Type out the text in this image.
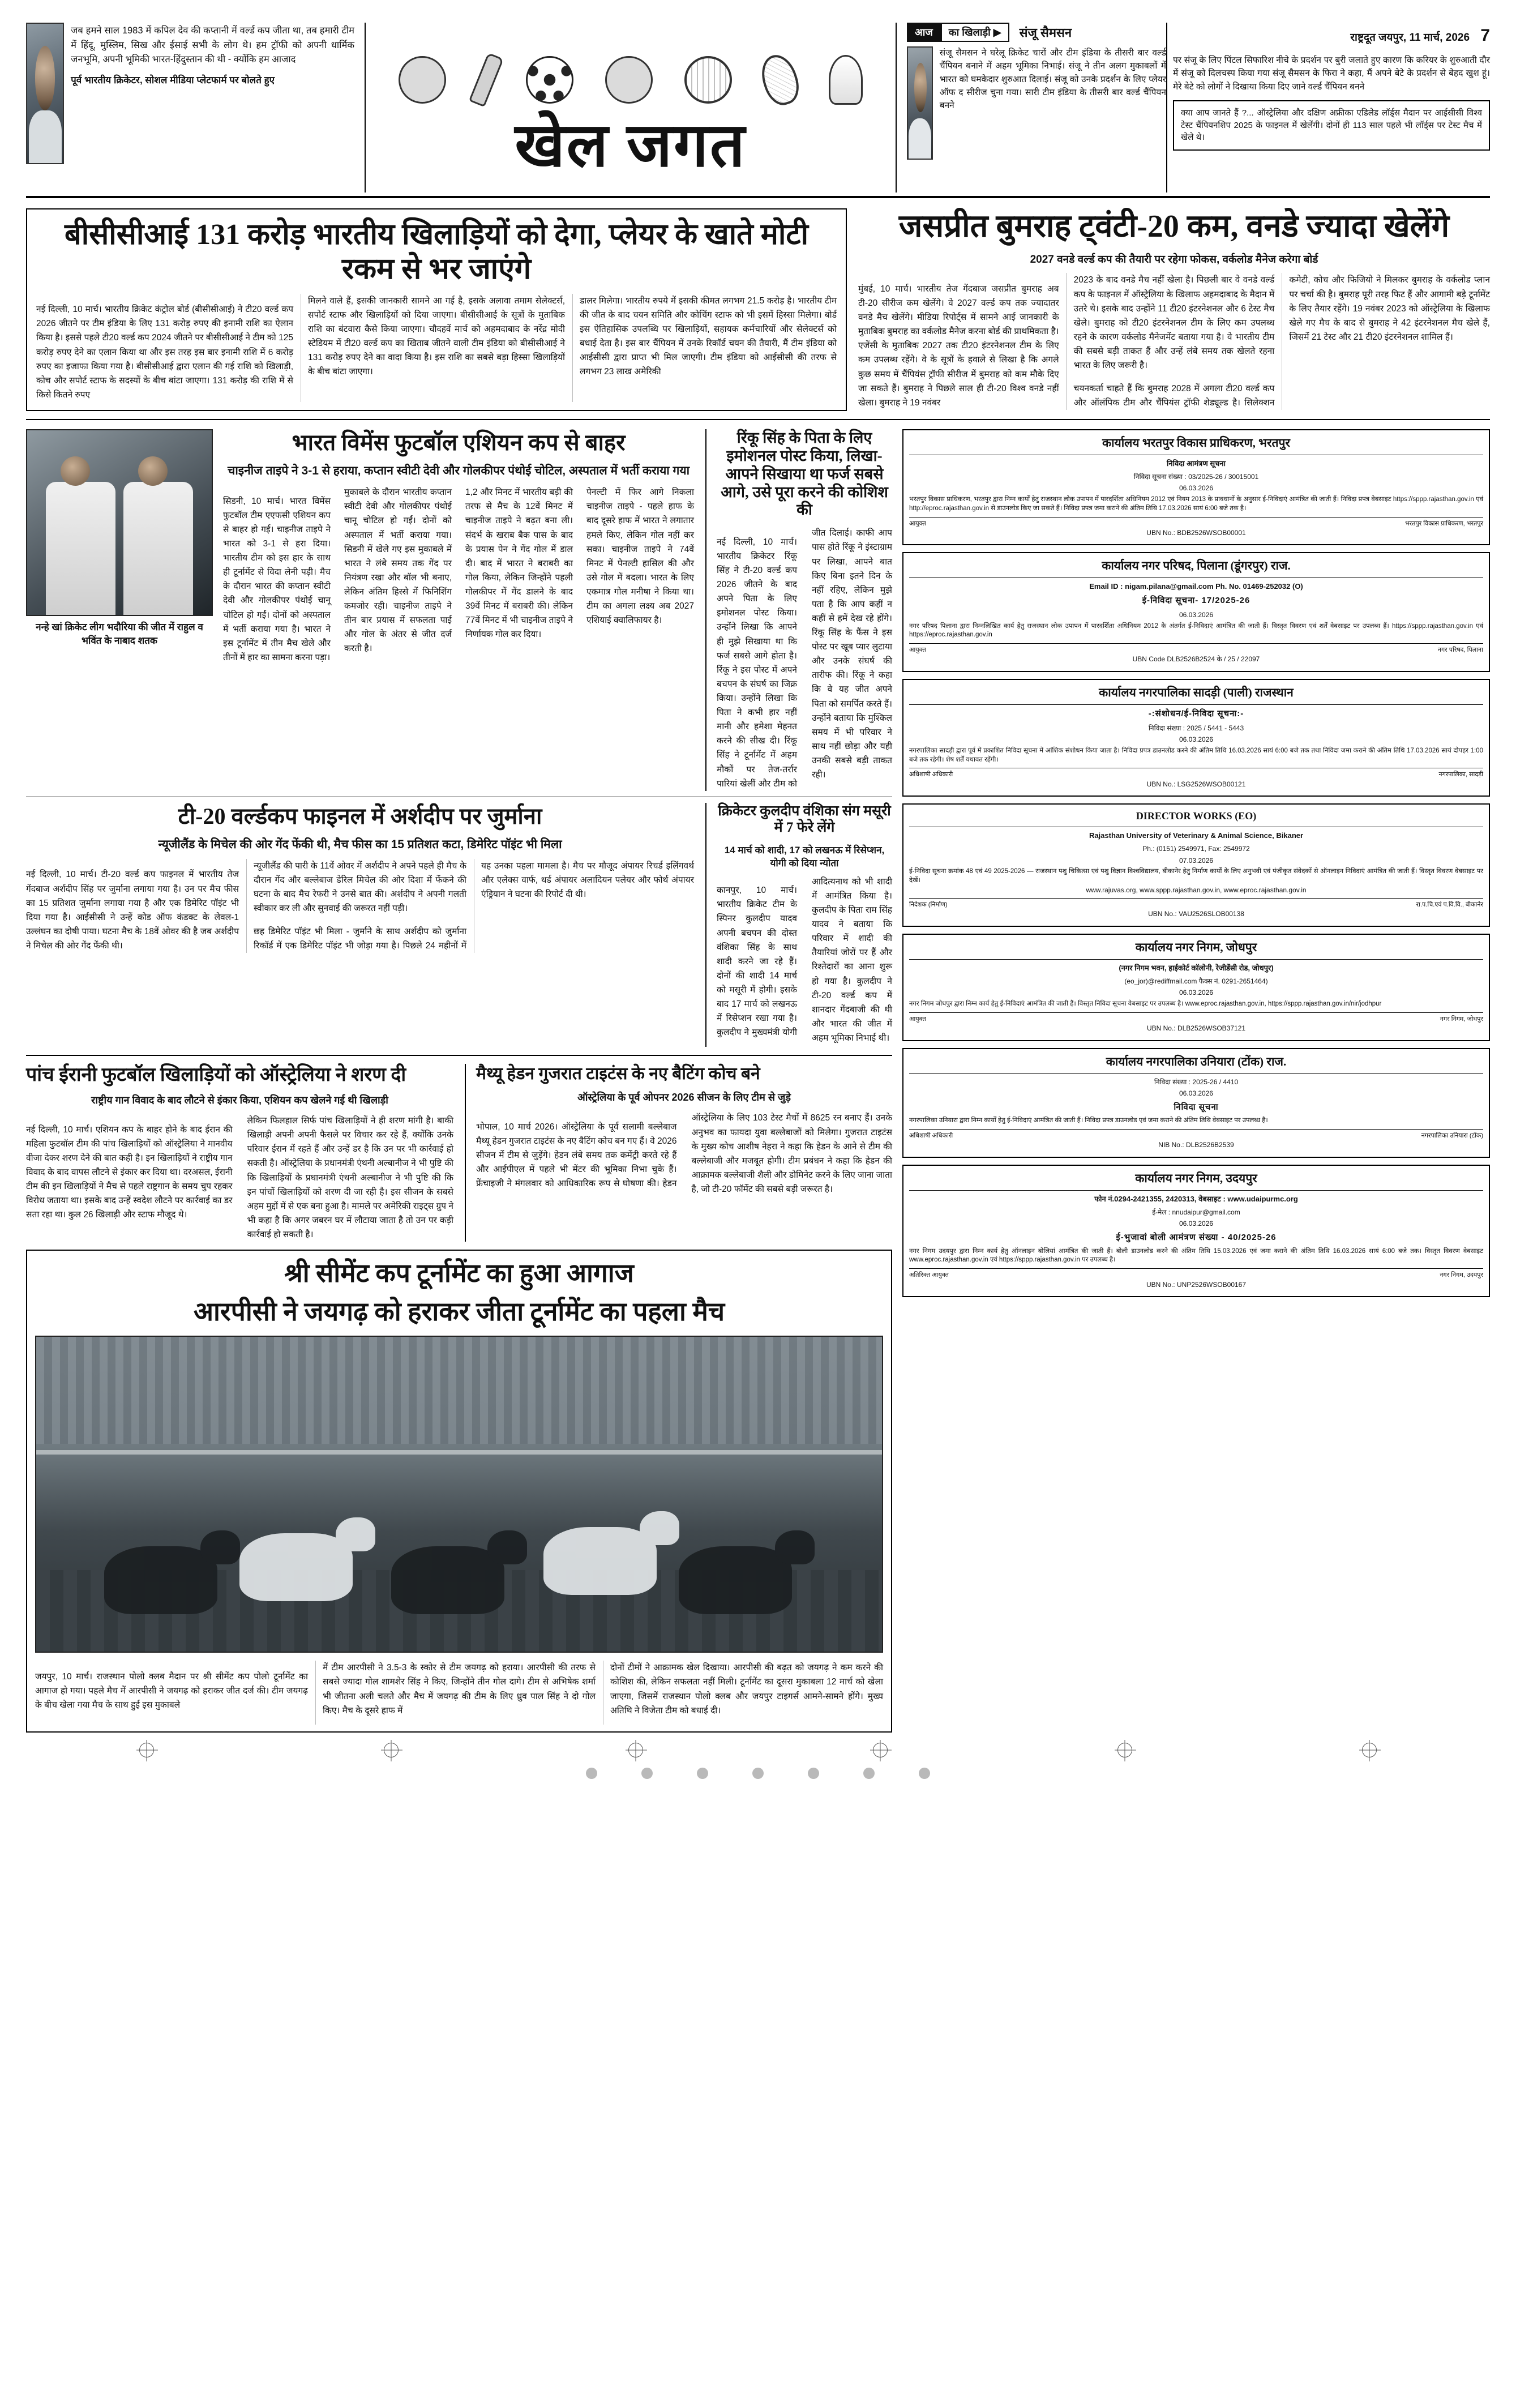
जब हमने साल 1983 में कपिल देव की कप्तानी में वर्ल्ड कप जीता था, तब हमारी टीम में हिंदू, मुस्लिम, सिख और ईसाई सभी के लोग थे। हम ट्रॉफी को अपनी धार्मिक जनभूमि, अपनी भूमिकी भारत-हिंदुस्तान की थी - क्योंकि हम आजाद
पूर्व भारतीय क्रिकेटर, सोशल मीडिया प्लेटफार्म पर बोलते हुए
खेल जगत
आज	का खिलाड़ी ▶	संजू सैमसन
संजू सैमसन ने घरेलू क्रिकेट चारों और टीम इंडिया के तीसरी बार वर्ल्ड चैंपियन बनाने में अहम भूमिका निभाई। संजू ने तीन अलग मुकाबलों में भारत को घमकेदार शुरुआत दिलाई। संजू को उनके प्रदर्शन के लिए प्लेयर ऑफ द सीरीज चुना गया। सारी टीम इंडिया के तीसरी बार वर्ल्ड चैंपियन बनने
राष्ट्रदूत जयपुर, 11 मार्च, 2026 7
पर संजू के लिए पिंटल सिफारिश नीचे के प्रदर्शन पर बुरी जलाते हुए कारण कि करियर के शुरुआती दौर में संजू को दिलचस्प किया गया संजू सैमसन के फिरा ने कहा, मैं अपने बेटे के प्रदर्शन से बेहद खुश हूं। मेरे बेटे को लोगों ने दिखाया किया दिए जाने वर्ल्ड चैंपियन बनने
क्या आप जानते हैं ?... ऑस्ट्रेलिया और दक्षिण अफ्रीका एडिलेड लॉर्ड्स मैदान पर आईसीसी विश्व टेस्ट चैंपियनशिप 2025 के फाइनल में खेलेंगी। दोनों ही 113 साल पहले भी लॉर्ड्स पर टेस्ट मैच में खेले थे।
बीसीसीआई 131 करोड़ भारतीय खिलाड़ियों को देगा, प्लेयर के खाते मोटी रकम से भर जाएंगे

नई दिल्ली, 10 मार्च। भारतीय क्रिकेट कंट्रोल बोर्ड (बीसीसीआई) ने टी20 वर्ल्ड कप 2026 जीतने पर टीम इंडिया के लिए 131 करोड़ रुपए की इनामी राशि का ऐलान किया है। इससे पहले टी20 वर्ल्ड कप 2024 जीतने पर बीसीसीआई ने टीम को 125 करोड़ रुपए देने का एलान किया था और इस तरह इस बार इनामी राशि में 6 करोड़ रुपए का इजाफा किया गया है। बीसीसीआई द्वारा एलान की गई राशि को खिलाड़ी, कोच और सपोर्ट स्टाफ के सदस्यों के बीच बांटा जाएगा। 131 करोड़ की राशि में से किसे कितने रुपए

मिलने वाले हैं, इसकी जानकारी सामने आ गई है, इसके अलावा तमाम सेलेक्टर्स, सपोर्ट स्टाफ और खिलाड़ियों को दिया जाएगा। बीसीसीआई के सूत्रों के मुताबिक राशि का बंटवारा कैसे किया जाएगा। चौदहवें मार्च को अहमदाबाद के नरेंद्र मोदी स्टेडियम में टी20 वर्ल्ड कप का खिताब जीतने वाली टीम इंडिया को बीसीसीआई ने 131 करोड़ रुपए देने का वादा किया है। इस राशि का सबसे बड़ा हिस्सा खिलाड़ियों के बीच बांटा जाएगा।

डालर मिलेगा। भारतीय रुपये में इसकी कीमत लगभग 21.5 करोड़ है। भारतीय टीम की जीत के बाद चयन समिति और कोचिंग स्टाफ को भी इसमें हिस्सा मिलेगा। बोर्ड इस ऐतिहासिक उपलब्धि पर खिलाड़ियों, सहायक कर्मचारियों और सेलेक्टर्स को बधाई देता है। इस बार चैंपियन में उनके रिकॉर्ड चयन की तैयारी, मैं टीम इंडिया को आईसीसी द्वारा प्राप्त भी मिल जाएगी। टीम इंडिया को आईसीसी की तरफ से लगभग 23 लाख अमेरिकी

जसप्रीत बुमराह ट्वंटी-20 कम, वनडे ज्यादा खेलेंगे
2027 वनडे वर्ल्ड कप की तैयारी पर रहेगा फोकस, वर्कलोड मैनेज करेगा बोर्ड

मुंबई, 10 मार्च। भारतीय तेज गेंदबाज जसप्रीत बुमराह अब टी-20 सीरीज कम खेलेंगे। वे 2027 वर्ल्ड कप तक ज्यादातर वनडे मैच खेलेंगे। मीडिया रिपोर्ट्स में सामने आई जानकारी के मुताबिक बुमराह का वर्कलोड मैनेज करना बोर्ड की प्राथमिकता है। एजेंसी के मुताबिक 2027 तक टी20 इंटरनेशनल टीम के लिए कम उपलब्ध रहेंगे। वे के सूत्रों के हवाले से लिखा है कि अगले कुछ समय में चैंपियंस ट्रॉफी सीरीज में बुमराह को कम मौके दिए जा सकते हैं। बुमराह ने पिछले साल ही टी-20 विश्व वनडे नहीं खेला। बुमराह ने 19 नवंबर

2023 के बाद वनडे मैच नहीं खेला है। पिछली बार वे वनडे वर्ल्ड कप के फाइनल में ऑस्ट्रेलिया के खिलाफ अहमदाबाद के मैदान में उतरे थे। इसके बाद उन्होंने 11 टी20 इंटरनेशनल और 6 टेस्ट मैच खेले। बुमराह को टी20 इंटरनेशनल टीम के लिए कम उपलब्ध रहने के कारण वर्कलोड मैनेजमेंट बताया गया है। वे भारतीय टीम की सबसे बड़ी ताकत हैं और उन्हें लंबे समय तक खेलते रहना भारत के लिए जरूरी है।

चयनकर्ता चाहते हैं कि बुमराह 2028 में अगला टी20 वर्ल्ड कप और ऑलंपिक टीम और चैंपियंस ट्रॉफी शेड्यूल्ड है। सिलेक्शन कमेटी, कोच और फिजियो ने मिलकर बुमराह के वर्कलोड प्लान पर चर्चा की है। बुमराह पूरी तरह फिट हैं और आगामी बड़े टूर्नामेंट के लिए तैयार रहेंगे। 19 नवंबर 2023 को ऑस्ट्रेलिया के खिलाफ खेले गए मैच के बाद से बुमराह ने 42 इंटरनेशनल मैच खेले हैं, जिसमें 21 टेस्ट और 21 टी20 इंटरनेशनल शामिल हैं।

नन्हे खां क्रिकेट लीग भदौरिया की जीत में राहुल व भविंत के नाबाद शतक
भारत विमेंस फुटबॉल एशियन कप से बाहर
चाइनीज ताइपे ने 3-1 से हराया, कप्तान स्वीटी देवी और गोलकीपर पंथोई चोटिल, अस्पताल में भर्ती कराया गया

सिडनी, 10 मार्च। भारत विमेंस फुटबॉल टीम एएफसी एशियन कप से बाहर हो गई। चाइनीज ताइपे ने भारत को 3-1 से हरा दिया। भारतीय टीम को इस हार के साथ ही टूर्नामेंट से विदा लेनी पड़ी। मैच के दौरान भारत की कप्तान स्वीटी देवी और गोलकीपर पंथोई चानू चोटिल हो गईं। दोनों को अस्पताल में भर्ती कराया गया है। भारत ने इस टूर्नामेंट में तीन मैच खेले और तीनों में हार का सामना करना पड़ा।

मुकाबले के दौरान भारतीय कप्तान स्वीटी देवी और गोलकीपर पंथोई चानू चोटिल हो गईं। दोनों को अस्पताल में भर्ती कराया गया। सिडनी में खेले गए इस मुकाबले में भारत ने लंबे समय तक गेंद पर नियंत्रण रखा और बॉल भी बनाए, लेकिन अंतिम हिस्से में फिनिशिंग कमजोर रही। चाइनीज ताइपे ने तीन बार प्रयास में सफलता पाई और गोल के अंतर से जीत दर्ज करती है।

1,2 और मिनट में भारतीय बड़ी की तरफ से मैच के 12वें मिनट में चाइनीज ताइपे ने बढ़त बना ली। संदर्भ के खराब बैक पास के बाद के प्रयास पेन ने गेंद गोल में डाल दी। बाद में भारत ने बराबरी का गोल किया, लेकिन जिन्होंने पहली गोलकीपर में गेंद डालने के बाद 39वें मिनट में बराबरी की। लेकिन 77वें मिनट में भी चाइनीज ताइपे ने निर्णायक गोल कर दिया।

पेनल्टी में फिर आगे निकला चाइनीज ताइपे - पहले हाफ के बाद दूसरे हाफ में भारत ने लगातार हमले किए, लेकिन गोल नहीं कर सका। चाइनीज ताइपे ने 74वें मिनट में पेनल्टी हासिल की और उसे गोल में बदला। भारत के लिए एकमात्र गोल मनीषा ने किया था। टीम का अगला लक्ष्य अब 2027 एशियाई क्वालिफायर है।

रिंकू सिंह के पिता के लिए इमोशनल पोस्ट किया, लिखा- आपने सिखाया था फर्ज सबसे आगे, उसे पूरा करने की कोशिश की

नई दिल्ली, 10 मार्च। भारतीय क्रिकेटर रिंकू सिंह ने टी-20 वर्ल्ड कप 2026 जीतने के बाद अपने पिता के लिए इमोशनल पोस्ट किया। उन्होंने लिखा कि आपने ही मुझे सिखाया था कि फर्ज सबसे आगे होता है। रिंकू ने इस पोस्ट में अपने बचपन के संघर्ष का जिक्र किया। उन्होंने लिखा कि पिता ने कभी हार नहीं मानी और हमेशा मेहनत करने की सीख दी। रिंकू सिंह ने टूर्नामेंट में अहम मौकों पर तेज-तर्रार पारियां खेलीं और टीम को जीत दिलाई। काफी आप पास होते रिंकू ने इंस्टाग्राम पर लिखा, आपने बात किए बिना इतने दिन के नहीं रहिए, लेकिन मुझे पता है कि आप कहीं न कहीं से हमें देख रहे होंगे। रिंकू सिंह के फैंस ने इस पोस्ट पर खूब प्यार लुटाया और उनके संघर्ष की तारीफ की। रिंकू ने कहा कि वे यह जीत अपने पिता को समर्पित करते हैं। उन्होंने बताया कि मुश्किल समय में भी परिवार ने साथ नहीं छोड़ा और यही उनकी सबसे बड़ी ताकत रही।

टी-20 वर्ल्डकप फाइनल में अर्शदीप पर जुर्माना
न्यूजीलैंड के मिचेल की ओर गेंद फेंकी थी, मैच फीस का 15 प्रतिशत कटा, डिमेरिट पॉइंट भी मिला

नई दिल्ली, 10 मार्च। टी-20 वर्ल्ड कप फाइनल में भारतीय तेज गेंदबाज अर्शदीप सिंह पर जुर्माना लगाया गया है। उन पर मैच फीस का 15 प्रतिशत जुर्माना लगाया गया है और एक डिमेरिट पॉइंट भी दिया गया है। आईसीसी ने उन्हें कोड ऑफ कंडक्ट के लेवल-1 उल्लंघन का दोषी पाया। घटना मैच के 18वें ओवर की है जब अर्शदीप ने मिचेल की ओर गेंद फेंकी थी।

न्यूजीलैंड की पारी के 11वें ओवर में अर्शदीप ने अपने पहले ही मैच के दौरान गेंद और बल्लेबाज डेरिल मिचेल की ओर दिशा में फेंकने की घटना के बाद मैच रेफरी ने उनसे बात की। अर्शदीप ने अपनी गलती स्वीकार कर ली और सुनवाई की जरूरत नहीं पड़ी।

छह डिमेरिट पॉइंट भी मिला - जुर्माने के साथ अर्शदीप को जुर्माना रिकॉर्ड में एक डिमेरिट पॉइंट भी जोड़ा गया है। पिछले 24 महीनों में यह उनका पहला मामला है। मैच पर मौजूद अंपायर रिचर्ड इलिंगवर्थ और एलेक्स वार्फ, थर्ड अंपायर अलादियन पलेयर और फोर्थ अंपायर एंड्रियान ने घटना की रिपोर्ट दी थी।

क्रिकेटर कुलदीप वंशिका संग मसूरी में 7 फेरे लेंगे
14 मार्च को शादी, 17 को लखनऊ में रिसेप्शन, योगी को दिया न्योता

कानपुर, 10 मार्च। भारतीय क्रिकेट टीम के स्पिनर कुलदीप यादव अपनी बचपन की दोस्त वंशिका सिंह के साथ शादी करने जा रहे हैं। दोनों की शादी 14 मार्च को मसूरी में होगी। इसके बाद 17 मार्च को लखनऊ में रिसेप्शन रखा गया है। कुलदीप ने मुख्यमंत्री योगी आदित्यनाथ को भी शादी में आमंत्रित किया है। कुलदीप के पिता राम सिंह यादव ने बताया कि परिवार में शादी की तैयारियां जोरों पर हैं और रिश्तेदारों का आना शुरू हो गया है। कुलदीप ने टी-20 वर्ल्ड कप में शानदार गेंदबाजी की थी और भारत की जीत में अहम भूमिका निभाई थी।

पांच ईरानी फुटबॉल खिलाड़ियों को ऑस्ट्रेलिया ने शरण दी
राष्ट्रीय गान विवाद के बाद लौटने से इंकार किया, एशियन कप खेलने गई थी खिलाड़ी

नई दिल्ली, 10 मार्च। एशियन कप के बाहर होने के बाद ईरान की महिला फुटबॉल टीम की पांच खिलाड़ियों को ऑस्ट्रेलिया ने मानवीय वीजा देकर शरण देने की बात कही है। इन खिलाड़ियों ने राष्ट्रीय गान विवाद के बाद वापस लौटने से इंकार कर दिया था। दरअसल, ईरानी टीम की इन खिलाड़ियों ने मैच से पहले राष्ट्रगान के समय चुप रहकर विरोध जताया था। इसके बाद उन्हें स्वदेश लौटने पर कार्रवाई का डर सता रहा था। कुल 26 खिलाड़ी और स्टाफ मौजूद थे।

लेकिन फिलहाल सिर्फ पांच खिलाड़ियों ने ही शरण मांगी है। बाकी खिलाड़ी अपनी अपनी फैसले पर विचार कर रहे हैं, क्योंकि उनके परिवार ईरान में रहते हैं और उन्हें डर है कि उन पर भी कार्रवाई हो सकती है। ऑस्ट्रेलिया के प्रधानमंत्री एंथनी अल्बानीज ने भी पुष्टि की कि खिलाड़ियों के प्रधानमंत्री एंथनी अल्बानीज ने भी पुष्टि की कि इन पांचों खिलाड़ियों को शरण दी जा रही है। इस सीजन के सबसे अहम मुद्दों में से एक बना हुआ है। मामले पर अमेरिकी राइट्स ग्रुप ने भी कहा है कि अगर जबरन घर में लौटाया जाता है तो उन पर कड़ी कार्रवाई हो सकती है।

मैथ्यू हेडन गुजरात टाइटंस के नए बैटिंग कोच बने
ऑस्ट्रेलिया के पूर्व ओपनर 2026 सीजन के लिए टीम से जुड़े

भोपाल, 10 मार्च 2026। ऑस्ट्रेलिया के पूर्व सलामी बल्लेबाज मैथ्यू हेडन गुजरात टाइटंस के नए बैटिंग कोच बन गए हैं। वे 2026 सीजन में टीम से जुड़ेंगे। हेडन लंबे समय तक कमेंट्री करते रहे हैं और आईपीएल में पहले भी मेंटर की भूमिका निभा चुके हैं। फ्रेंचाइजी ने मंगलवार को आधिकारिक रूप से घोषणा की। हेडन ऑस्ट्रेलिया के लिए 103 टेस्ट मैचों में 8625 रन बनाए हैं। उनके अनुभव का फायदा युवा बल्लेबाजों को मिलेगा। गुजरात टाइटंस के मुख्य कोच आशीष नेहरा ने कहा कि हेडन के आने से टीम की बल्लेबाजी और मजबूत होगी। टीम प्रबंधन ने कहा कि हेडन की आक्रामक बल्लेबाजी शैली और डोमिनेट करने के लिए जाना जाता है, जो टी-20 फॉर्मेट की सबसे बड़ी जरूरत है।

श्री सीमेंट कप टूर्नामेंट का हुआ आगाज
आरपीसी ने जयगढ़ को हराकर जीता टूर्नामेंट का पहला मैच

जयपुर, 10 मार्च। राजस्थान पोलो क्लब मैदान पर श्री सीमेंट कप पोलो टूर्नामेंट का आगाज हो गया। पहले मैच में आरपीसी ने जयगढ़ को हराकर जीत दर्ज की। टीम जयगढ़ के बीच खेला गया मैच के साथ हुई इस मुकाबले

में टीम आरपीसी ने 3.5-3 के स्कोर से टीम जयगढ़ को हराया। आरपीसी की तरफ से सबसे ज्यादा गोल शामशेर सिंह ने किए, जिन्होंने तीन गोल दागे। टीम से अभिषेक शर्मा भी जीतना अली चलते और मैच में जयगढ़ की टीम के लिए ध्रुव पाल सिंह ने दो गोल किए। मैच के दूसरे हाफ में

दोनों टीमों ने आक्रामक खेल दिखाया। आरपीसी की बढ़त को जयगढ़ ने कम करने की कोशिश की, लेकिन सफलता नहीं मिली। टूर्नामेंट का दूसरा मुकाबला 12 मार्च को खेला जाएगा, जिसमें राजस्थान पोलो क्लब और जयपुर टाइगर्स आमने-सामने होंगे। मुख्य अतिथि ने विजेता टीम को बधाई दी।

कार्यालय भरतपुर विकास प्राधिकरण, भरतपुर
निविदा आमंत्रण सूचना
निविदा सूचना संख्या : 03/2025-26 / 30015001
06.03.2026
भरतपुर विकास प्राधिकरण, भरतपुर द्वारा निम्न कार्यों हेतु राजस्थान लोक उपापन में पारदर्शिता अधिनियम 2012 एवं नियम 2013 के प्रावधानों के अनुसार ई-निविदाएं आमंत्रित की जाती हैं। निविदा प्रपत्र वेबसाइट https://sppp.rajasthan.gov.in एवं http://eproc.rajasthan.gov.in से डाउनलोड किए जा सकते हैं। निविदा प्रपत्र जमा कराने की अंतिम तिथि 17.03.2026 सायं 6:00 बजे तक है।
आयुक्त	भरतपुर विकास प्राधिकरण, भरतपुर
UBN No.: BDB2526WSOB00001
कार्यालय नगर परिषद, पिलाना (डूंगरपुर) राज.
Email ID : nigam.pilana@gmail.com Ph. No. 01469-252032 (O)
ई-निविदा सूचना- 17/2025-26
06.03.2026
नगर परिषद पिलाना द्वारा निम्नलिखित कार्य हेतु राजस्थान लोक उपापन में पारदर्शिता अधिनियम 2012 के अंतर्गत ई-निविदाएं आमंत्रित की जाती हैं। विस्तृत विवरण एवं शर्तें वेबसाइट पर उपलब्ध हैं। https://sppp.rajasthan.gov.in एवं https://eproc.rajasthan.gov.in
आयुक्त	नगर परिषद, पिलाना
UBN Code DLB2526B2524 के / 25 / 22097
कार्यालय नगरपालिका सादड़ी (पाली) राजस्थान
-:संशोधन/ई-निविदा सूचना:-
निविदा संख्या : 2025 / 5441 - 5443
06.03.2026
नगरपालिका सादड़ी द्वारा पूर्व में प्रकाशित निविदा सूचना में आंशिक संशोधन किया जाता है। निविदा प्रपत्र डाउनलोड करने की अंतिम तिथि 16.03.2026 सायं 6:00 बजे तक तथा निविदा जमा कराने की अंतिम तिथि 17.03.2026 सायं दोपहर 1:00 बजे तक रहेगी। शेष शर्तें यथावत रहेंगी।
अधिशाषी अधिकारी	नगरपालिका, सादड़ी
UBN No.: LSG2526WSOB00121
DIRECTOR WORKS (EO)
Rajasthan University of Veterinary & Animal Science, Bikaner
Ph.: (0151) 2549971, Fax: 2549972
07.03.2026
ई-निविदा सूचना क्रमांक 48 एवं 49 2025-2026 — राजस्थान पशु चिकित्सा एवं पशु विज्ञान विश्वविद्यालय, बीकानेर हेतु निर्माण कार्यों के लिए अनुभवी एवं पंजीकृत संवेदकों से ऑनलाइन निविदाएं आमंत्रित की जाती हैं। विस्तृत विवरण वेबसाइट पर देखें।
www.rajuvas.org, www.sppp.rajasthan.gov.in, www.eproc.rajasthan.gov.in
निदेशक (निर्माण)	रा.प.चि.एवं प.वि.वि., बीकानेर
UBN No.: VAU2526SLOB00138
कार्यालय नगर निगम, जोधपुर
(नगर निगम भवन, हाईकोर्ट कॉलोनी, रेजीडेंसी रोड, जोधपुर)
(eo_jor)@rediffmail.com फैक्स नं. 0291-2651464)
06.03.2026
नगर निगम जोधपुर द्वारा निम्न कार्य हेतु ई-निविदाएं आमंत्रित की जाती हैं। विस्तृत निविदा सूचना वेबसाइट पर उपलब्ध है। www.eproc.rajasthan.gov.in, https://sppp.rajasthan.gov.in/nir/jodhpur
आयुक्त	नगर निगम, जोधपुर
UBN No.: DLB2526WSOB37121
कार्यालय नगरपालिका उनियारा (टोंक) राज.
निविदा संख्या : 2025-26 / 4410
06.03.2026
निविदा सूचना
नगरपालिका उनियारा द्वारा निम्न कार्यों हेतु ई-निविदाएं आमंत्रित की जाती हैं। निविदा प्रपत्र डाउनलोड एवं जमा कराने की अंतिम तिथि वेबसाइट पर उपलब्ध है।
अधिशाषी अधिकारी	नगरपालिका उनियारा (टोंक)
NIB No.: DLB2526B2539
कार्यालय नगर निगम, उदयपुर
फोन नं.0294-2421355, 2420313, वेबसाइट : www.udaipurmc.org
ई-मेल : nnudaipur@gmail.com
06.03.2026
ई-भुजावां बोली आमंत्रण संख्या - 40/2025-26
नगर निगम उदयपुर द्वारा निम्न कार्य हेतु ऑनलाइन बोलियां आमंत्रित की जाती हैं। बोली डाउनलोड करने की अंतिम तिथि 15.03.2026 एवं जमा कराने की अंतिम तिथि 16.03.2026 सायं 6:00 बजे तक। विस्तृत विवरण वेबसाइट www.eproc.rajasthan.gov.in एवं https://sppp.rajasthan.gov.in पर उपलब्ध है।
अतिरिक्त आयुक्त	नगर निगम, उदयपुर
UBN No.: UNP2526WSOB00167
